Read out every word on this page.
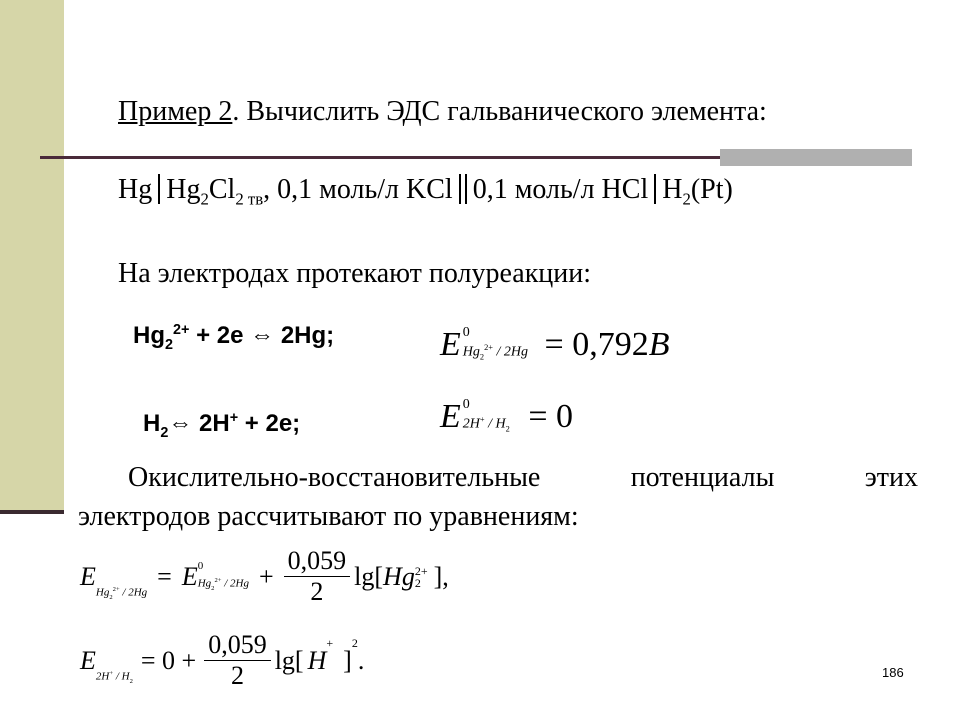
Пример 2. Вычислить ЭДС гальванического элемента:
Hg $Hg_2Cl_{2 тв}$, 0,1 моль/л KCl 0,1 моль/л HCl $H_2(Pt)$
На электродах протекают полуреакции:
$Hg_2^{2+} + 2e$ ⇔ 2Hg;
$H_2\Leftrightarrow$ 2H+ + 2e;
E 0
$Hg_2^{2+} / 2Hg = 0,792B$
E 0
$2H^+ / H_2 = 0$
Окислительно-восстановительные	потенциалы	этих
электродов рассчитывают по уравнениям:
E
$Hg_2^{2+} / 2Hg$
= E 0
$Hg_2^{2+} / 2Hg + \frac{0,059}{2} \lg$[ Hg 2+
2 ],
E
$2H^+ / H_2$
= $0 + \frac{0,059}{2} \lg$[ H
+
]
$^2$
.	186
